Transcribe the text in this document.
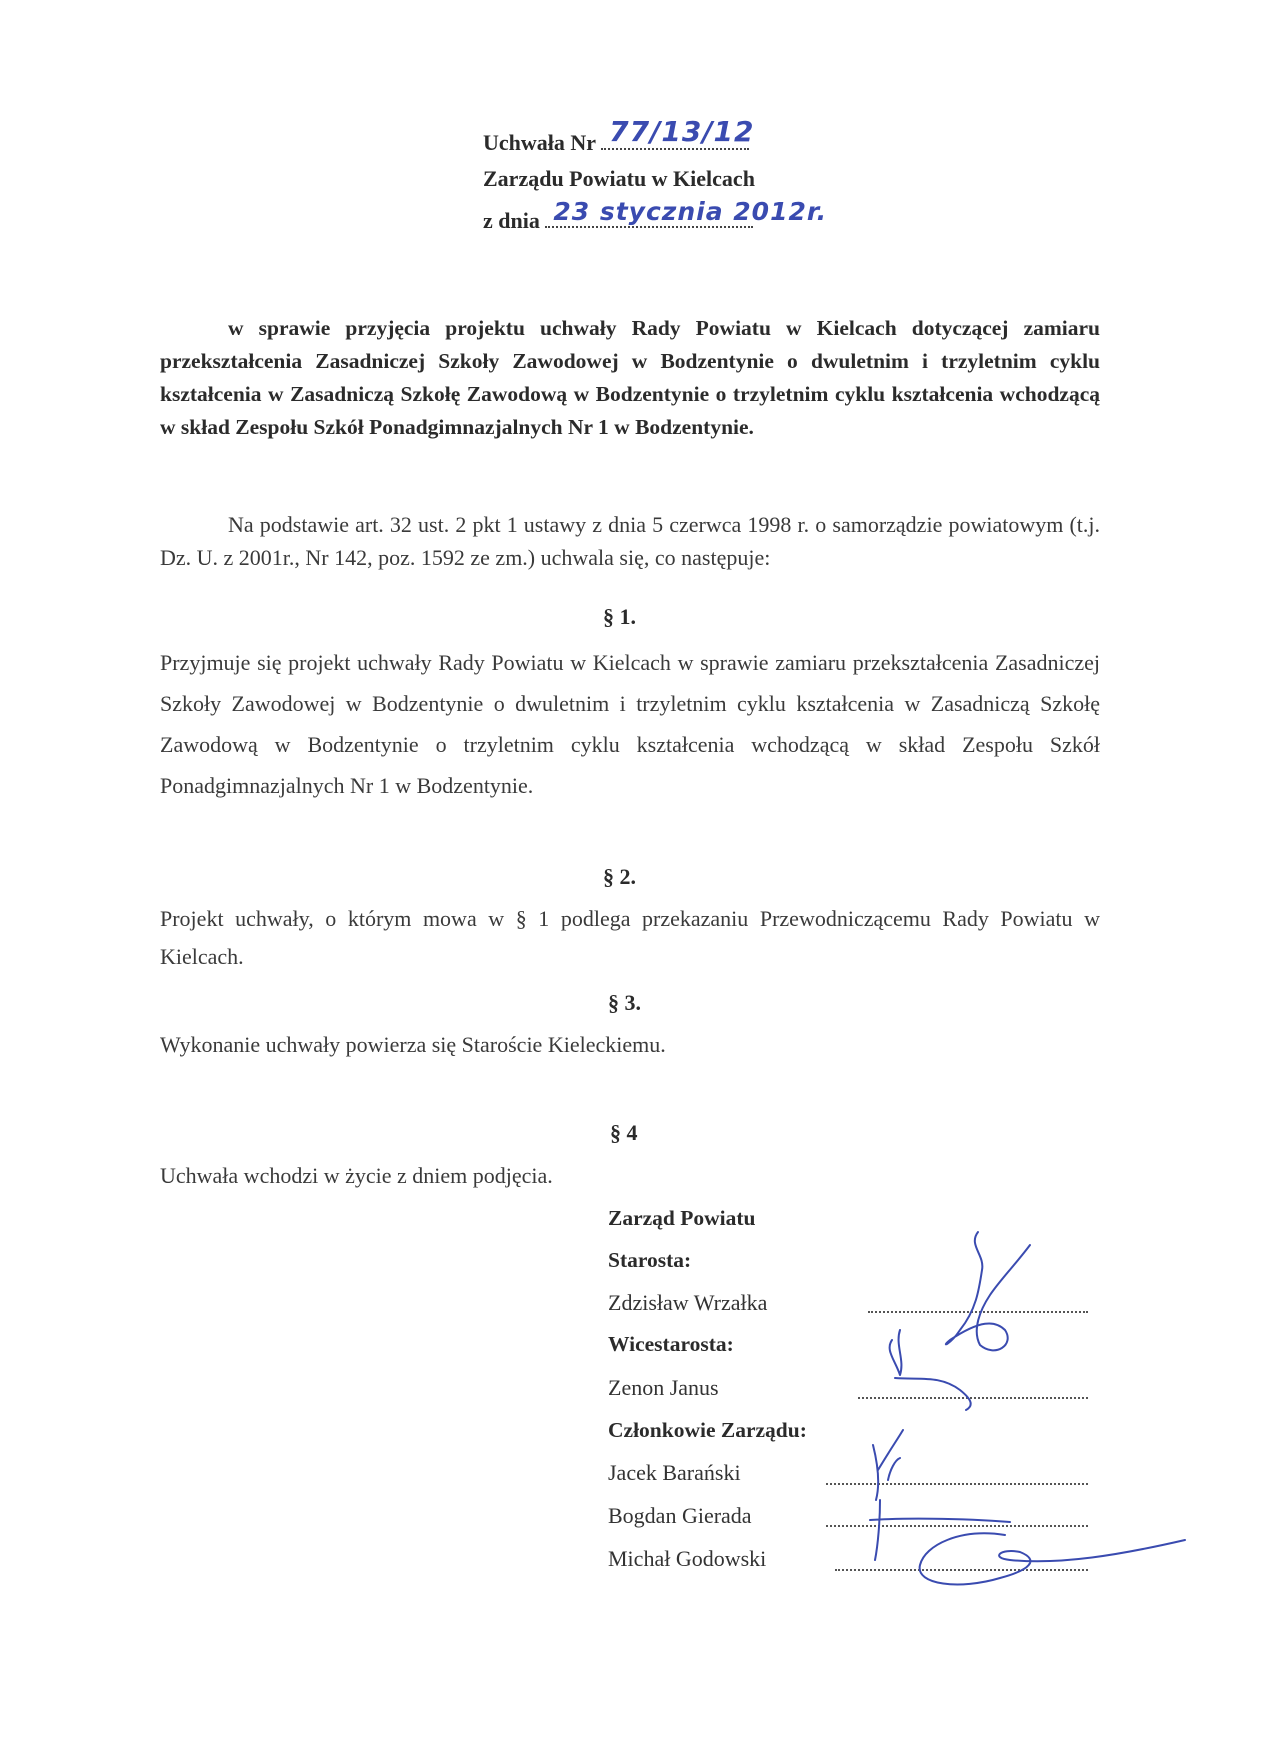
Uchwała Nr 77/13/12
Zarządu Powiatu w Kielcach
z dnia 23 stycznia 2012r.
w sprawie przyjęcia projektu uchwały Rady Powiatu w Kielcach dotyczącej zamiaru przekształcenia Zasadniczej Szkoły Zawodowej w Bodzentynie o dwuletnim i trzyletnim cyklu kształcenia w Zasadniczą Szkołę Zawodową w Bodzentynie o trzyletnim cyklu kształcenia wchodzącą w skład Zespołu Szkół Ponadgimnazjalnych Nr 1 w Bodzentynie.
Na podstawie art. 32 ust. 2 pkt 1 ustawy z dnia 5 czerwca 1998 r. o samorządzie powiatowym (t.j. Dz. U. z 2001r., Nr 142, poz. 1592 ze zm.) uchwala się, co następuje:
§ 1.
Przyjmuje się projekt uchwały Rady Powiatu w Kielcach w sprawie zamiaru przekształcenia Zasadniczej Szkoły Zawodowej w Bodzentynie o dwuletnim i trzyletnim cyklu kształcenia w Zasadniczą Szkołę Zawodową w Bodzentynie o trzyletnim cyklu kształcenia wchodzącą w skład Zespołu Szkół Ponadgimnazjalnych Nr 1 w Bodzentynie.
§ 2.
Projekt uchwały, o którym mowa w § 1 podlega przekazaniu Przewodniczącemu Rady Powiatu w Kielcach.
§ 3.
Wykonanie uchwały powierza się Staroście Kieleckiemu.
§ 4
Uchwała wchodzi w życie z dniem podjęcia.
Zarząd Powiatu
Starosta:
Zdzisław Wrzałka
Wicestarosta:
Zenon Janus
Członkowie Zarządu:
Jacek Barański
Bogdan Gierada
Michał Godowski
